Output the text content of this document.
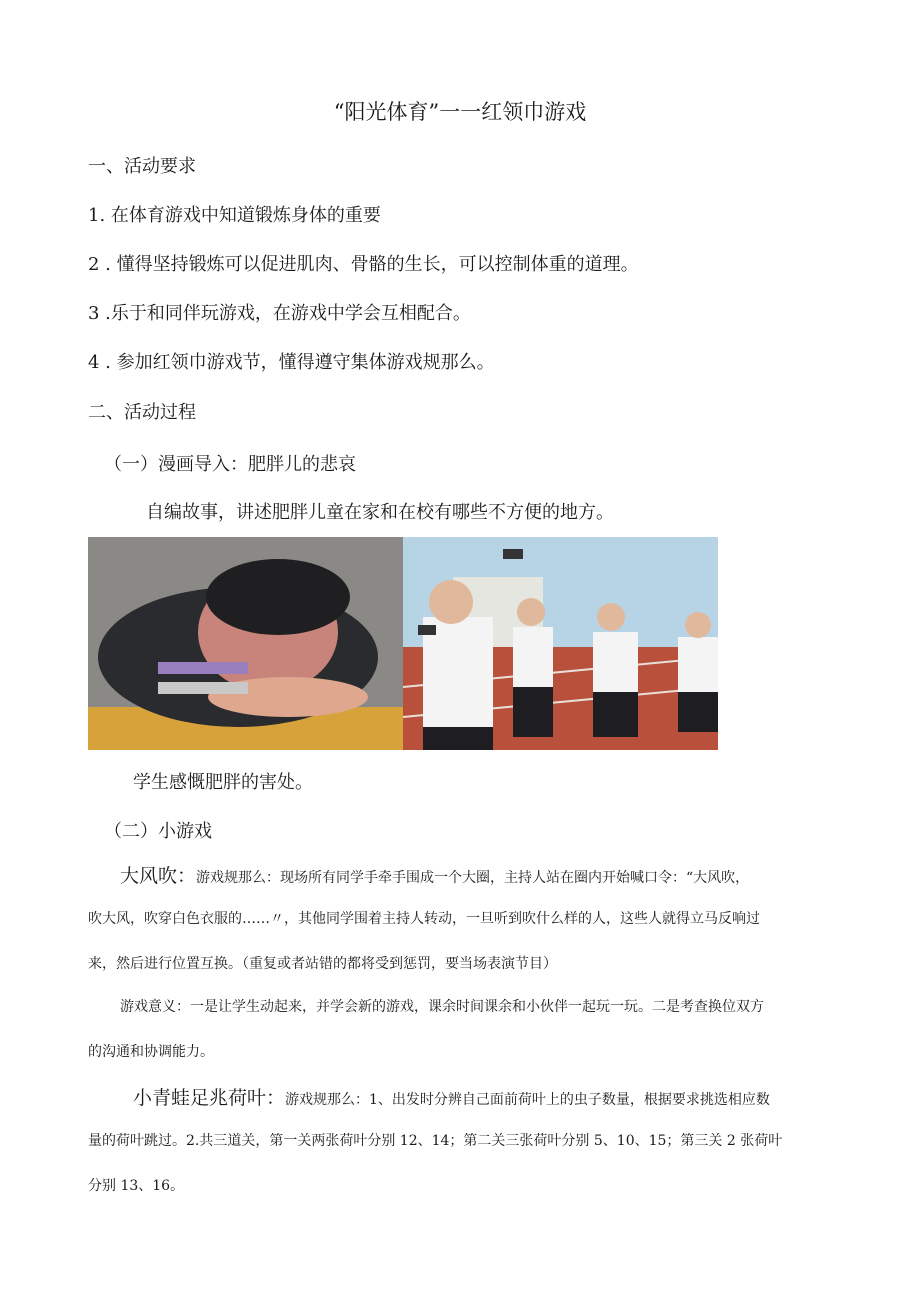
“阳光体育”一一红领巾游戏
一、活动要求
1. 在体育游戏中知道锻炼身体的重要
2 . 懂得坚持锻炼可以促进肌肉、骨骼的生长，可以控制体重的道理。
3 .乐于和同伴玩游戏，在游戏中学会互相配合。
4 . 参加红领巾游戏节，懂得遵守集体游戏规那么。
二、活动过程
（一）漫画导入：肥胖儿的悲哀
自编故事，讲述肥胖儿童在家和在校有哪些不方便的地方。
学生感慨肥胖的害处。
（二）小游戏
大风吹：游戏规那么：现场所有同学手牵手围成一个大圈，主持人站在圈内开始喊口令：“大风吹，
吹大风，吹穿白色衣服的……〃，其他同学围着主持人转动，一旦听到吹什么样的人，这些人就得立马反响过
来，然后进行位置互换。（重复或者站错的都将受到惩罚，要当场表演节目）
游戏意义：一是让学生动起来，并学会新的游戏，课余时间课余和小伙伴一起玩一玩。二是考查换位双方
的沟通和协调能力。
小青蛙足兆荷叶：游戏规那么：1、出发时分辨自己面前荷叶上的虫子数量，根据要求挑选相应数
量的荷叶跳过。2.共三道关，第一关两张荷叶分别 12、14；第二关三张荷叶分别 5、10、15；第三关 2 张荷叶
分别 13、16。
